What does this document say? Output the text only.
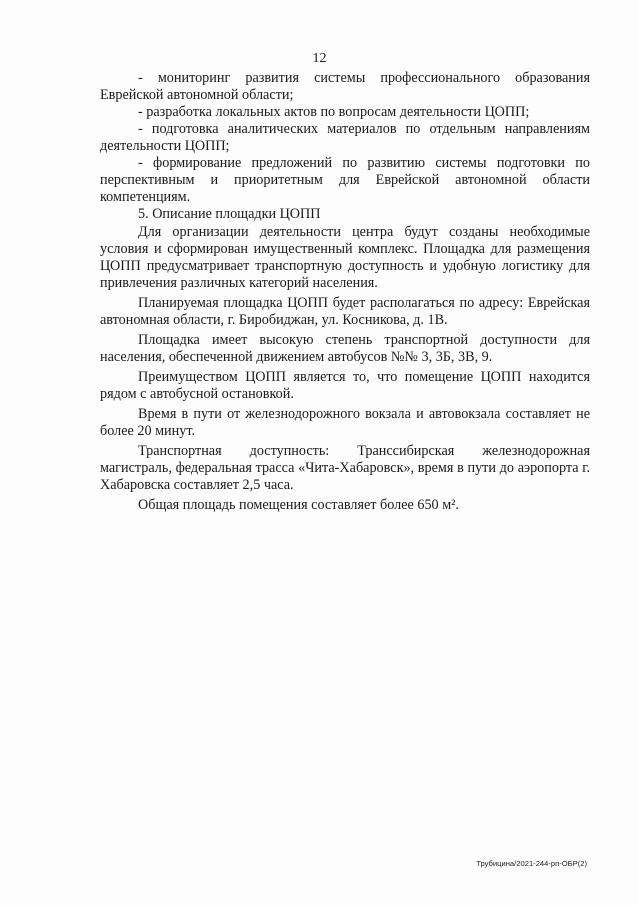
12

- мониторинг развития системы профессионального образования Еврейской автономной области;

- разработка локальных актов по вопросам деятельности ЦОПП;

- подготовка аналитических материалов по отдельным направлениям деятельности ЦОПП;

- формирование предложений по развитию системы подготовки по перспективным и приоритетным для Еврейской автономной области компетенциям.

5. Описание площадки ЦОПП

Для организации деятельности центра будут созданы необходимые условия и сформирован имущественный комплекс. Площадка для размещения ЦОПП предусматривает транспортную доступность и удобную логистику для привлечения различных категорий населения.

Планируемая площадка ЦОПП будет располагаться по адресу: Еврейская автономная области, г. Биробиджан, ул. Косникова, д. 1В.

Площадка имеет высокую степень транспортной доступности для населения, обеспеченной движением автобусов №№ 3, 3Б, 3В, 9.

Преимуществом ЦОПП является то, что помещение ЦОПП находится рядом с автобусной остановкой.

Время в пути от железнодорожного вокзала и автовокзала составляет не более 20 минут.

Транспортная доступность: Транссибирская железнодорожная магистраль, федеральная трасса «Чита-Хабаровск», время в пути до аэропорта г. Хабаровска составляет 2,5 часа.

Общая площадь помещения составляет более 650 м².

Трубицина/2021-244-рп-ОБР(2)
